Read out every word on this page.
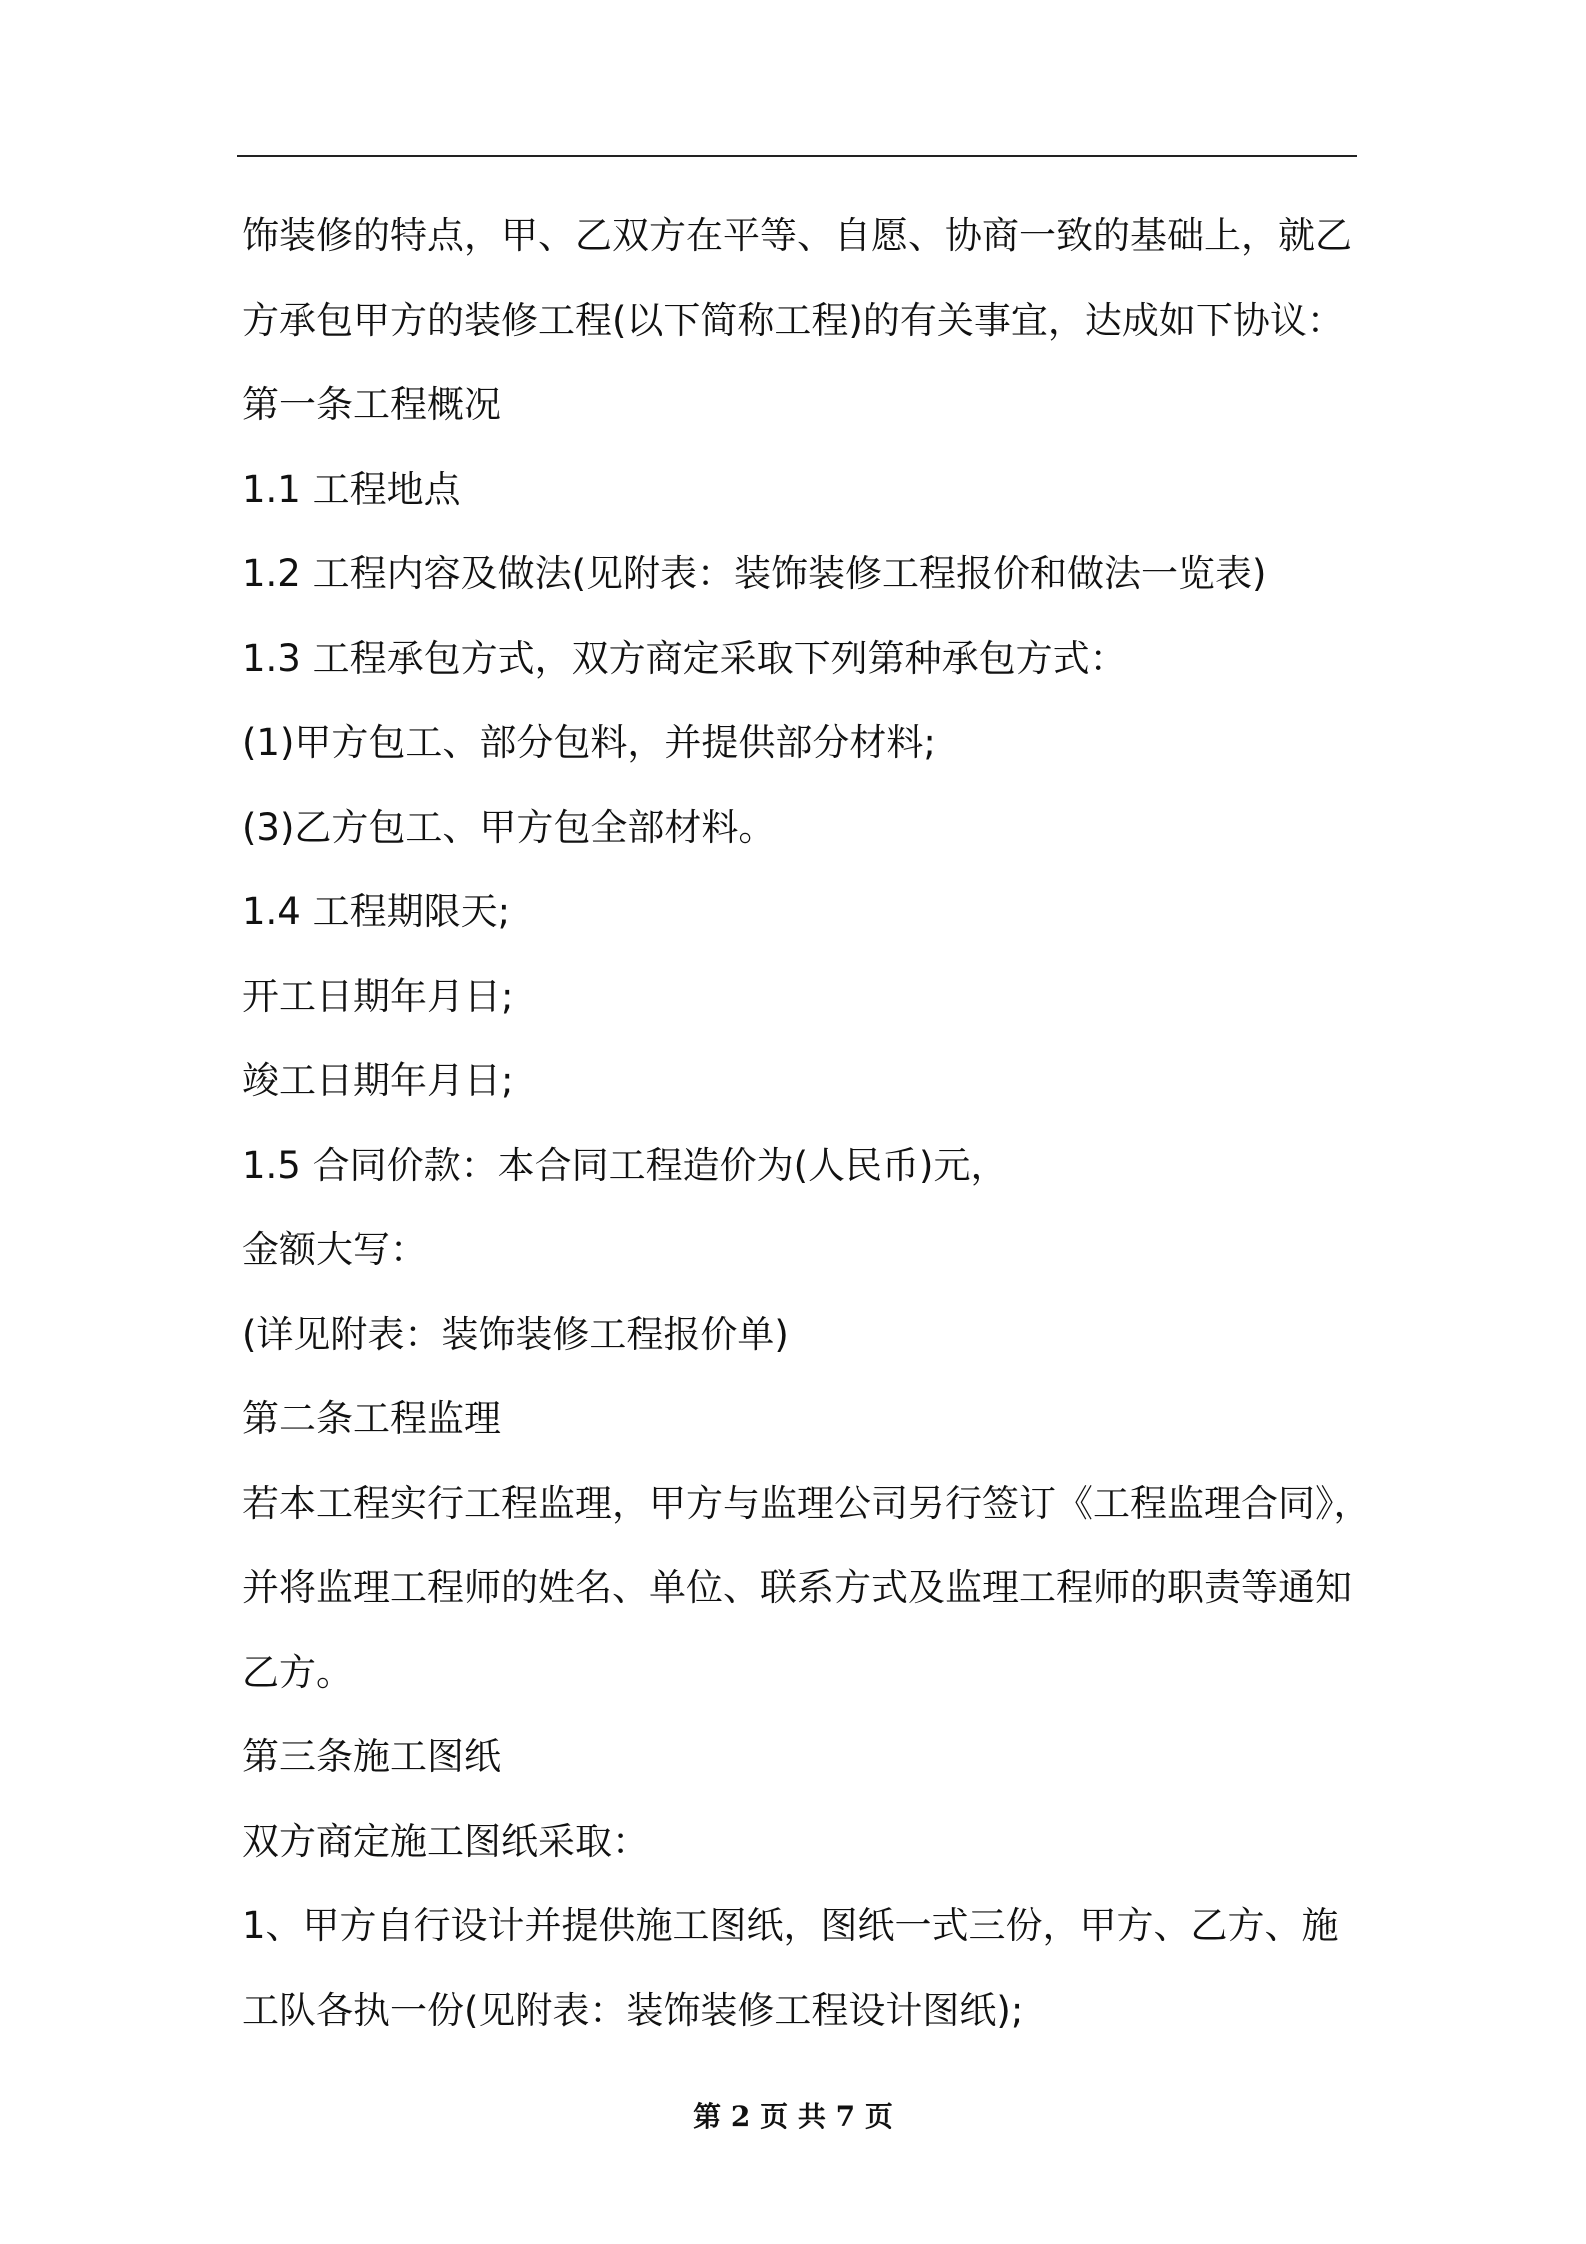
饰装修的特点，甲、乙双方在平等、自愿、协商一致的基础上，就乙
方承包甲方的装修工程(以下简称工程)的有关事宜，达成如下协议：
第一条工程概况
1.1 工程地点
1.2 工程内容及做法(见附表：装饰装修工程报价和做法一览表)
1.3 工程承包方式，双方商定采取下列第种承包方式：
(1)甲方包工、部分包料，并提供部分材料;
(3)乙方包工、甲方包全部材料。
1.4 工程期限天;
开工日期年月日;
竣工日期年月日;
1.5 合同价款：本合同工程造价为(人民币)元，
金额大写：
(详见附表：装饰装修工程报价单)
第二条工程监理
若本工程实行工程监理，甲方与监理公司另行签订《工程监理合同》，
并将监理工程师的姓名、单位、联系方式及监理工程师的职责等通知
乙方。
第三条施工图纸
双方商定施工图纸采取：
1、甲方自行设计并提供施工图纸，图纸一式三份，甲方、乙方、施
工队各执一份(见附表：装饰装修工程设计图纸);
第 2 页 共 7 页
